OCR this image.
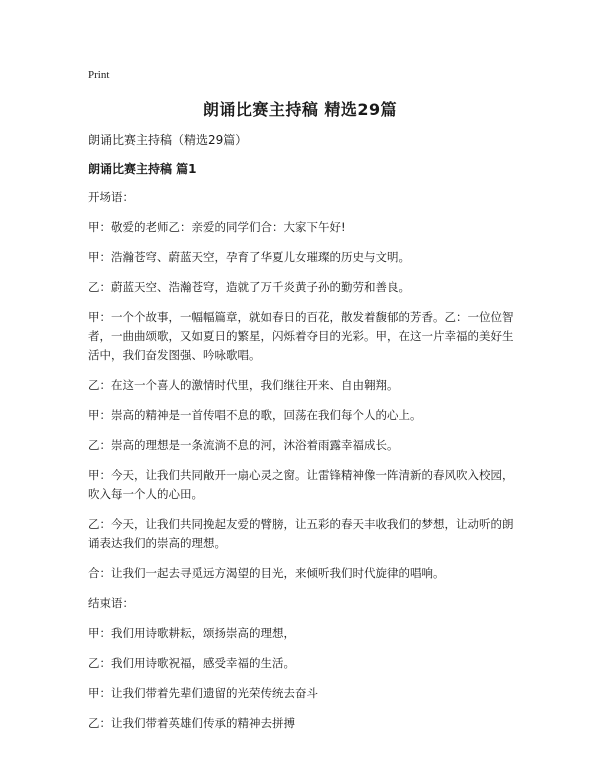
Print
朗诵比赛主持稿 精选29篇
朗诵比赛主持稿（精选29篇）
朗诵比赛主持稿 篇1

开场语：

甲：敬爱的老师乙：亲爱的同学们合：大家下午好!

甲：浩瀚苍穹、蔚蓝天空，孕育了华夏儿女璀璨的历史与文明。

乙：蔚蓝天空、浩瀚苍穹，造就了万千炎黄子孙的勤劳和善良。

甲：一个个故事，一幅幅篇章，就如春日的百花，散发着馥郁的芳香。乙：一位位智者，一曲曲颂歌，又如夏日的繁星，闪烁着夺目的光彩。甲，在这一片幸福的美好生活中，我们奋发图强、吟咏歌唱。

乙：在这一个喜人的激情时代里，我们继往开来、自由翱翔。

甲：崇高的精神是一首传唱不息的歌，回荡在我们每个人的心上。

乙：崇高的理想是一条流淌不息的河，沐浴着雨露幸福成长。

甲：今天，让我们共同敞开一扇心灵之窗。让雷锋精神像一阵清新的春风吹入校园，吹入每一个人的心田。

乙：今天，让我们共同挽起友爱的臂膀，让五彩的春天丰收我们的梦想，让动听的朗诵表达我们的崇高的理想。

合：让我们一起去寻觅远方渴望的目光，来倾听我们时代旋律的唱响。

结束语：

甲：我们用诗歌耕耘，颂扬崇高的理想，

乙：我们用诗歌祝福，感受幸福的生活。

甲：让我们带着先辈们遗留的光荣传统去奋斗

乙：让我们带着英雄们传承的精神去拼搏
